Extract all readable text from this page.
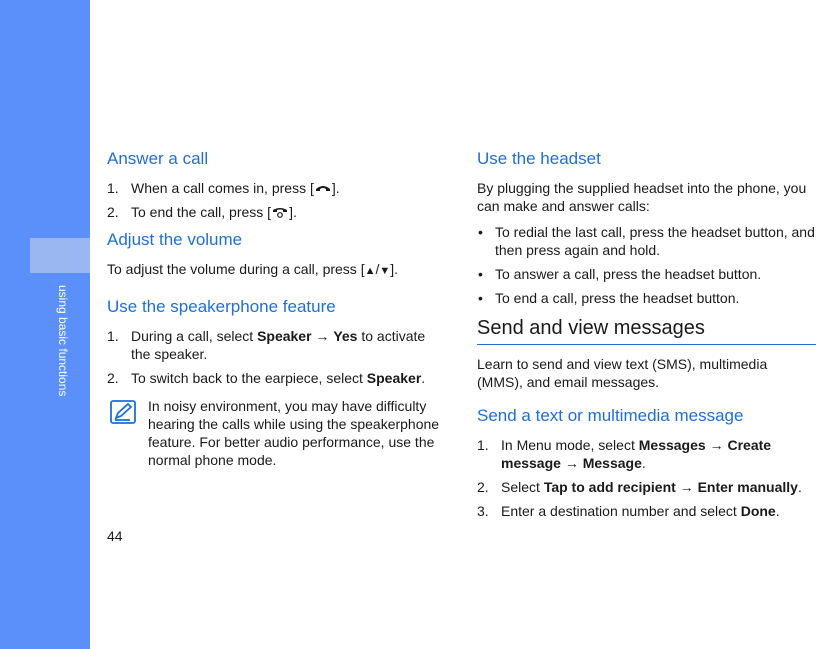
using basic functions
44
Answer a call
1. When a call comes in, press [ ].
2. To end the call, press [ ].
Adjust the volume

To adjust the volume during a call, press [▲/▼].

Use the speakerphone feature
1. During a call, select Speaker → Yes to activate the speaker.
2. To switch back to the earpiece, select Speaker.

In noisy environment, you may have difficulty hearing the calls while using the speakerphone feature. For better audio performance, use the normal phone mode.

Use the headset

By plugging the supplied headset into the phone, you can make and answer calls:

• To redial the last call, press the headset button, and then press again and hold.
• To answer a call, press the headset button.
• To end a call, press the headset button.
Send and view messages

Learn to send and view text (SMS), multimedia (MMS), and email messages.

Send a text or multimedia message
1. In Menu mode, select Messages → Create message → Message.
2. Select Tap to add recipient → Enter manually.
3. Enter a destination number and select Done.
